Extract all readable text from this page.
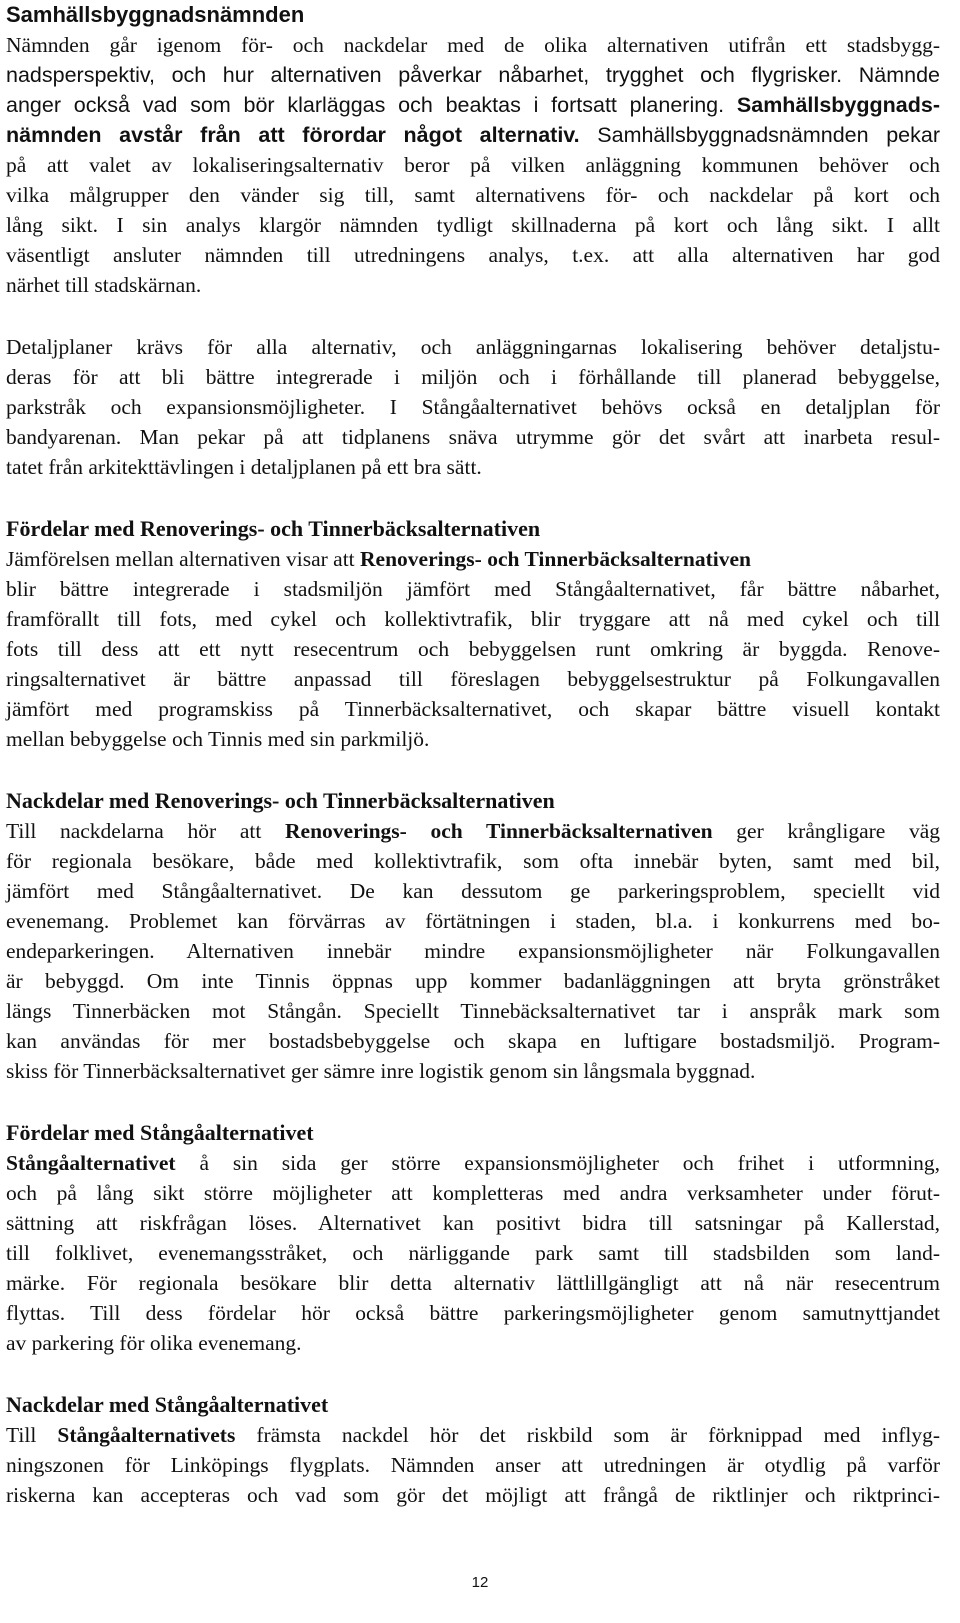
Samhällsbyggnadsnämnden

Nämnden går igenom för- och nackdelar med de olika alternativen utifrån ett stadsbygg-
nadsperspektiv, och hur alternativen påverkar nåbarhet, trygghet och flygrisker. Nämnde
anger också vad som bör klarläggas och beaktas i fortsatt planering. Samhällsbyggnads-
nämnden avstår från att förordar något alternativ. Samhällsbyggnadsnämnden pekar
på att valet av lokaliseringsalternativ beror på vilken anläggning kommunen behöver och
vilka målgrupper den vänder sig till, samt alternativens för- och nackdelar på kort och
lång sikt. I sin analys klargör nämnden tydligt skillnaderna på kort och lång sikt. I allt
väsentligt ansluter nämnden till utredningens analys, t.ex. att alla alternativen har god
närhet till stadskärnan.

Detaljplaner krävs för alla alternativ, och anläggningarnas lokalisering behöver detaljstu-
deras för att bli bättre integrerade i miljön och i förhållande till planerad bebyggelse,
parkstråk och expansionsmöjligheter. I Stångåalternativet behövs också en detaljplan för
bandyarenan. Man pekar på att tidplanens snäva utrymme gör det svårt att inarbeta resul-
tatet från arkitekttävlingen i detaljplanen på ett bra sätt.

Fördelar med Renoverings- och Tinnerbäcksalternativen

Jämförelsen mellan alternativen visar att Renoverings- och Tinnerbäcksalternativen
blir bättre integrerade i stadsmiljön jämfört med Stångåalternativet, får bättre nåbarhet,
framförallt till fots, med cykel och kollektivtrafik, blir tryggare att nå med cykel och till
fots till dess att ett nytt resecentrum och bebyggelsen runt omkring är byggda. Renove-
ringsalternativet är bättre anpassad till föreslagen bebyggelsestruktur på Folkungavallen
jämfört med programskiss på Tinnerbäcksalternativet, och skapar bättre visuell kontakt
mellan bebyggelse och Tinnis med sin parkmiljö.

Nackdelar med Renoverings- och Tinnerbäcksalternativen

Till nackdelarna hör att Renoverings- och Tinnerbäcksalternativen ger krångligare väg
för regionala besökare, både med kollektivtrafik, som ofta innebär byten, samt med bil,
jämfört med Stångåalternativet. De kan dessutom ge parkeringsproblem, speciellt vid
evenemang. Problemet kan förvärras av förtätningen i staden, bl.a. i konkurrens med bo-
endeparkeringen. Alternativen innebär mindre expansionsmöjligheter när Folkungavallen
är bebyggd. Om inte Tinnis öppnas upp kommer badanläggningen att bryta grönstråket
längs Tinnerbäcken mot Stångån. Speciellt Tinnebäcksalternativet tar i anspråk mark som
kan användas för mer bostadsbebyggelse och skapa en luftigare bostadsmiljö. Program-
skiss för Tinnerbäcksalternativet ger sämre inre logistik genom sin långsmala byggnad.

Fördelar med Stångåalternativet

Stångåalternativet å sin sida ger större expansionsmöjligheter och frihet i utformning,
och på lång sikt större möjligheter att kompletteras med andra verksamheter under förut-
sättning att riskfrågan löses. Alternativet kan positivt bidra till satsningar på Kallerstad,
till folklivet, evenemangsstråket, och närliggande park samt till stadsbilden som land-
märke. För regionala besökare blir detta alternativ lättlillgängligt att nå när resecentrum
flyttas. Till dess fördelar hör också bättre parkeringsmöjligheter genom samutnyttjandet
av parkering för olika evenemang.

Nackdelar med Stångåalternativet

Till Stångåalternativets främsta nackdel hör det riskbild som är förknippad med inflyg-
ningszonen för Linköpings flygplats. Nämnden anser att utredningen är otydlig på varför
riskerna kan accepteras och vad som gör det möjligt att frångå de riktlinjer och riktprinci-

12
